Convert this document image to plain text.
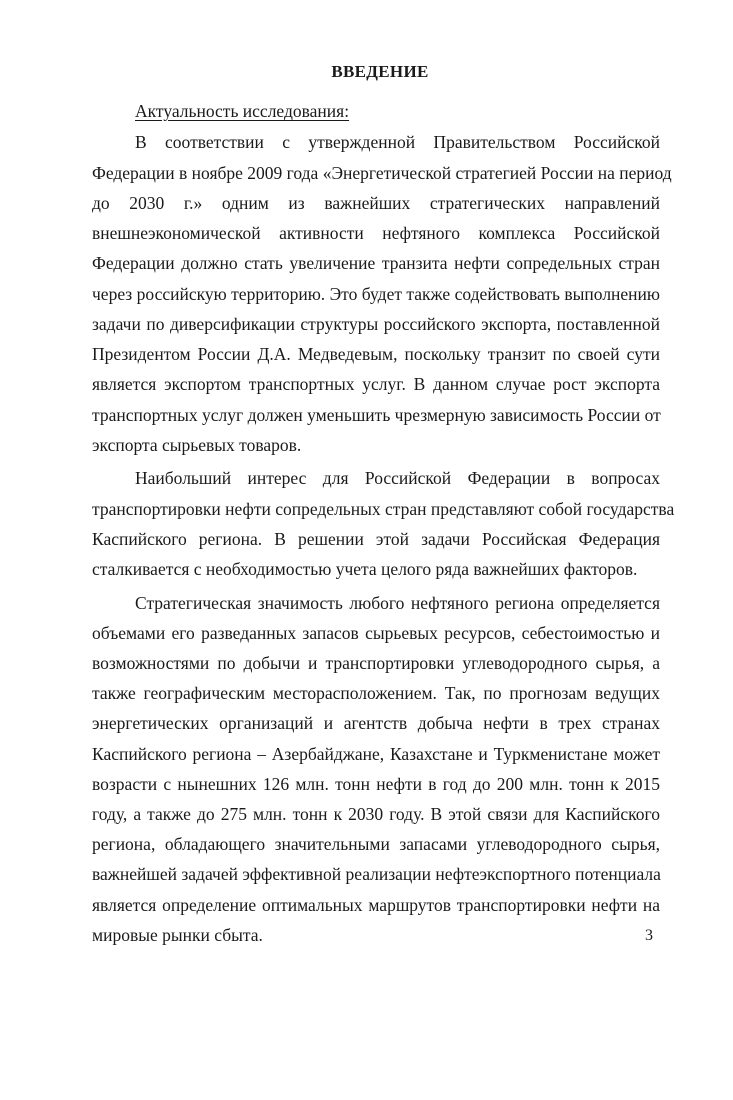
ВВЕДЕНИЕ
Актуальность исследования:
В соответствии с утвержденной Правительством Российской
Федерации в ноябре 2009 года «Энергетической стратегией России на период
до 2030 г.» одним из важнейших стратегических направлений
внешнеэкономической активности нефтяного комплекса Российской
Федерации должно стать увеличение транзита нефти сопредельных стран
через российскую территорию. Это будет также содействовать выполнению
задачи по диверсификации структуры российского экспорта, поставленной
Президентом России Д.А. Медведевым, поскольку транзит по своей сути
является экспортом транспортных услуг. В данном случае рост экспорта
транспортных услуг должен уменьшить чрезмерную зависимость России от
экспорта сырьевых товаров.
Наибольший интерес для Российской Федерации в вопросах
транспортировки нефти сопредельных стран представляют собой государства
Каспийского региона. В решении этой задачи Российская Федерация
сталкивается с необходимостью учета целого ряда важнейших факторов.
Стратегическая значимость любого нефтяного региона определяется
объемами его разведанных запасов сырьевых ресурсов, себестоимостью и
возможностями по добычи и транспортировки углеводородного сырья, а
также географическим месторасположением. Так, по прогнозам ведущих
энергетических организаций и агентств добыча нефти в трех странах
Каспийского региона – Азербайджане, Казахстане и Туркменистане может
возрасти с нынешних 126 млн. тонн нефти в год до 200 млн. тонн к 2015
году, а также до 275 млн. тонн к 2030 году. В этой связи для Каспийского
региона, обладающего значительными запасами углеводородного сырья,
важнейшей задачей эффективной реализации нефтеэкспортного потенциала
является определение оптимальных маршрутов транспортировки нефти на
мировые рынки сбыта.	3
